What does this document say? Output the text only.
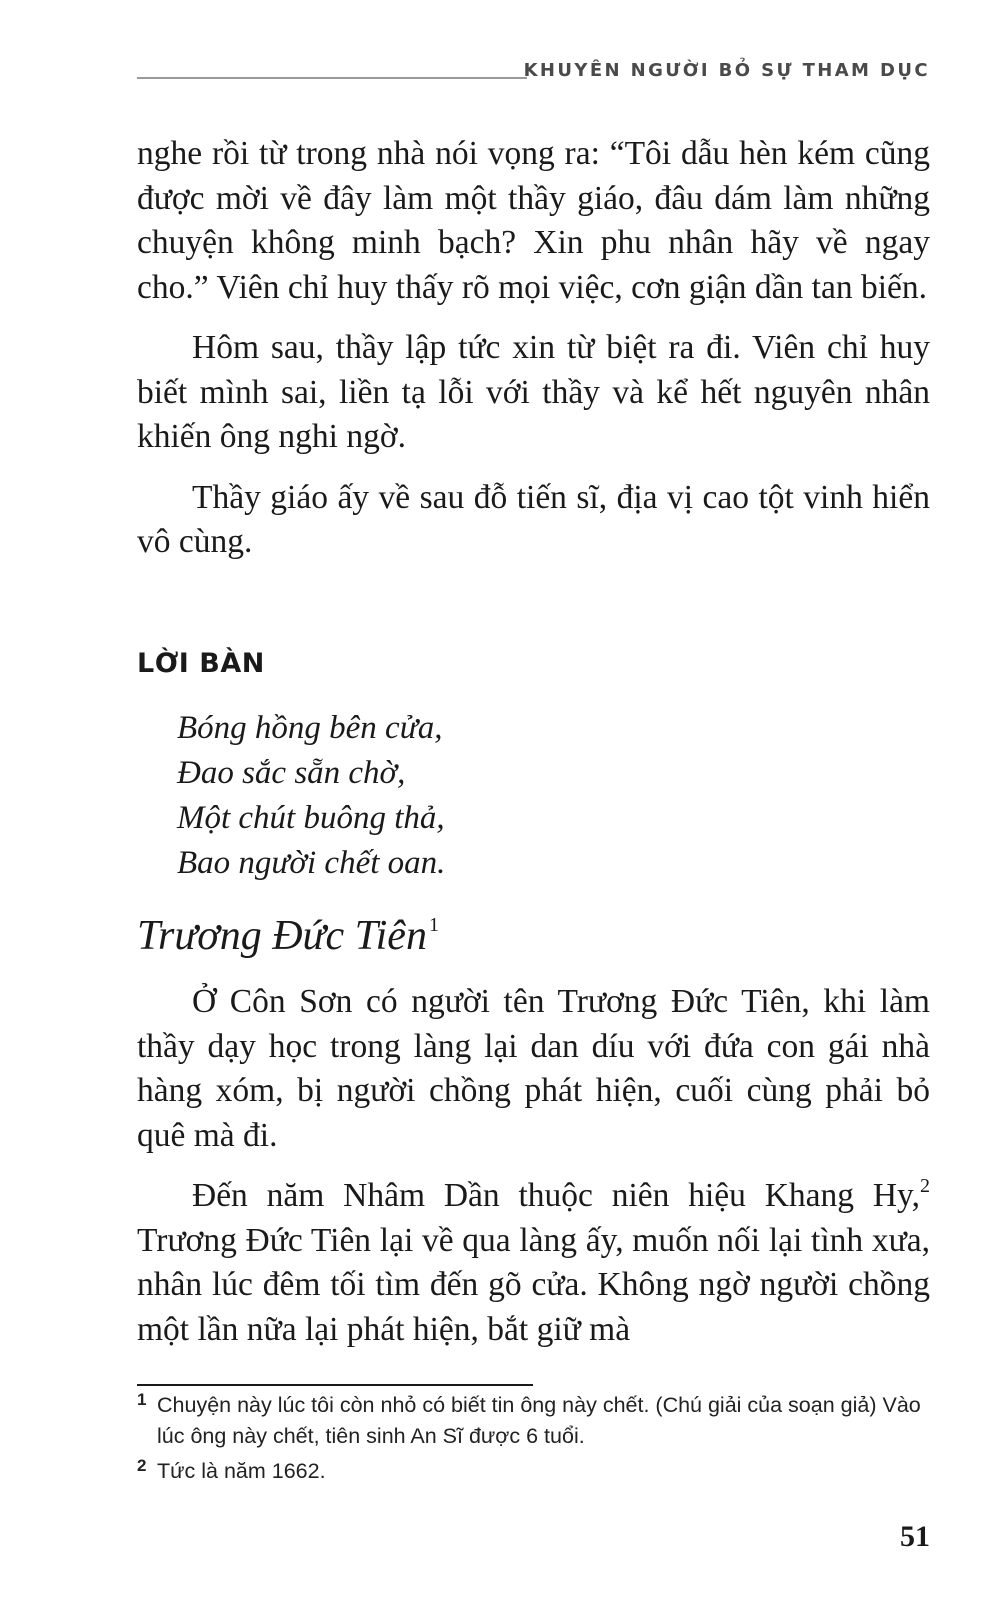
KHUYÊN NGƯỜI BỎ SỰ THAM DỤC

nghe rồi từ trong nhà nói vọng ra: “Tôi dẫu hèn kém cũng được mời về đây làm một thầy giáo, đâu dám làm những chuyện không minh bạch? Xin phu nhân hãy về ngay cho.” Viên chỉ huy thấy rõ mọi việc, cơn giận dần tan biến.

Hôm sau, thầy lập tức xin từ biệt ra đi. Viên chỉ huy biết mình sai, liền tạ lỗi với thầy và kể hết nguyên nhân khiến ông nghi ngờ.

Thầy giáo ấy về sau đỗ tiến sĩ, địa vị cao tột vinh hiển vô cùng.

LỜI BÀN
Bóng hồng bên cửa,
Đao sắc sẵn chờ,
Một chút buông thả,
Bao người chết oan.
Trương Đức Tiên $^1$

Ở Côn Sơn có người tên Trương Đức Tiên, khi làm thầy dạy học trong làng lại dan díu với đứa con gái nhà hàng xóm, bị người chồng phát hiện, cuối cùng phải bỏ quê mà đi.

Đến năm Nhâm Dần thuộc niên hiệu Khang Hy,$^2$ Trương Đức Tiên lại về qua làng ấy, muốn nối lại tình xưa, nhân lúc đêm tối tìm đến gõ cửa. Không ngờ người chồng một lần nữa lại phát hiện, bắt giữ mà

1 Chuyện này lúc tôi còn nhỏ có biết tin ông này chết. (Chú giải của soạn giả) Vào lúc ông này chết, tiên sinh An Sĩ được 6 tuổi.
2 Tức là năm 1662.
51
